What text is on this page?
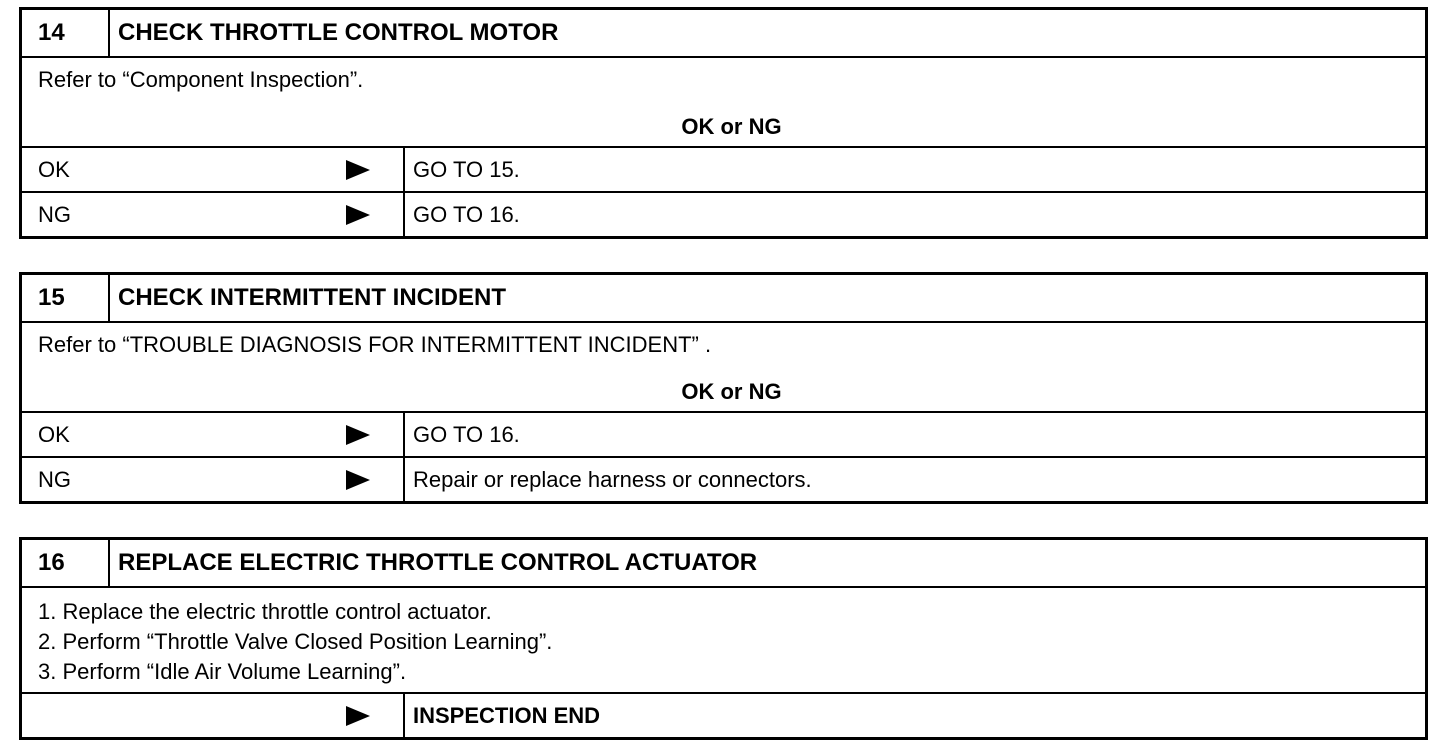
14	CHECK THROTTLE CONTROL MOTOR
Refer to “Component Inspection”.
OK or NG
OK	GO TO 15.
NG	GO TO 16.
15	CHECK INTERMITTENT INCIDENT
Refer to “TROUBLE DIAGNOSIS FOR INTERMITTENT INCIDENT” .
OK or NG
OK	GO TO 16.
NG	Repair or replace harness or connectors.
16	REPLACE ELECTRIC THROTTLE CONTROL ACTUATOR
1. Replace the electric throttle control actuator.
2. Perform “Throttle Valve Closed Position Learning”.
3. Perform “Idle Air Volume Learning”.
INSPECTION END
